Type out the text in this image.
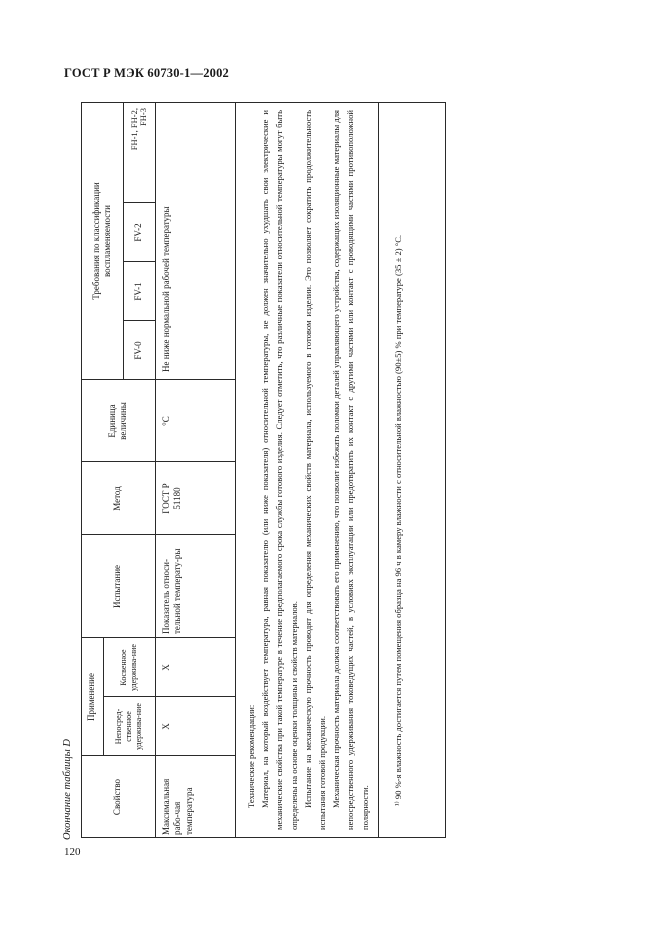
ГОСТ Р МЭК 60730-1—2002
120
Окончание таблицы D	Свойство
Применение
Непосред-ственное удержива-ние
Косвенное удержива-ние
Испытание
Метод
Единица величины
Требования по классификации воспламеняемости
FV-0
FV-1
FV-2
FH-1, FH-2, FH-3
Максимальная рабо-чая температура
X
X
Показатель относи-тельной температу-ры
ГОСТ Р 51180
°С
Не ниже нормальной рабочей температуры

Технические рекомендации: Материал, на который воздействует температура, равная показателю (или ниже показателя) относительной температуры, не должен значительно ухудшать свои электрические и механические свойства при такой температуре в течение предполагаемого срока службы готового изделия. Следует отметить, что различные показатели относительной температуры могут быть определены на основе оценки толщины и свойств материалов. Испытание на механическую прочность проводят для определения механических свойств материала, используемого в готовом изделии. Это позволяет сократить продолжительность испытания готовой продукции. Механическая прочность материала должна соответствовать его применению, что позволит избежать поломки деталей управляющего устройства, содержащих изоляционные материалы для непосредственного удерживания токоведущих частей, в условиях эксплуатации или предотвратить их контакт с другими частями или контакт с проводящими частями противоположной полярности.

¹⁾ 90 %-я влажность достигается путем помещения образца на 96 ч в камеру влажности с относительной влажностью (90±5) % при температуре (35 ± 2) °С.
